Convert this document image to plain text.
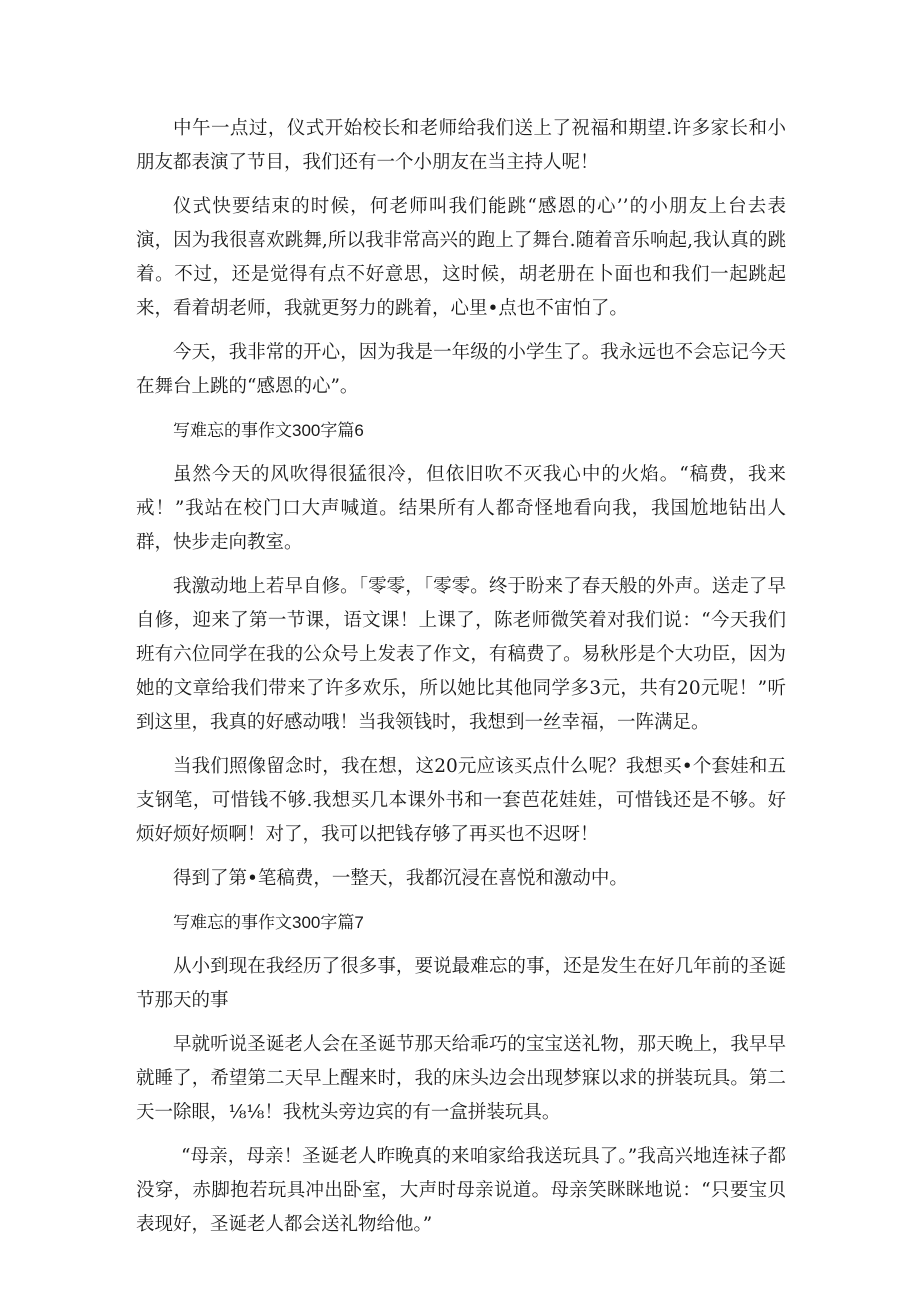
中午一点过，仪式开始校长和老师给我们送上了祝福和期望.许多家长和小朋友都表演了节目，我们还有一个小朋友在当主持人呢！

仪式快要结束的时候，何老师叫我们能跳“感恩的心’’的小朋友上台去表演，因为我很喜欢跳舞,所以我非常高兴的跑上了舞台.随着音乐响起,我认真的跳着。不过，还是觉得有点不好意思，这时候，胡老册在卜面也和我们一起跳起来，看着胡老师，我就更努力的跳着，心里•点也不宙怕了。

今天，我非常的开心，因为我是一年级的小学生了。我永远也不会忘记今天在舞台上跳的“感恩的心”。

写难忘的事作文300字篇6

虽然今天的风吹得很猛很冷，但依旧吹不灭我心中的火焰。“稿费，我来戒！”我站在校门口大声喊道。结果所有人都奇怪地看向我，我国尬地钻出人群，快步走向教室。

我激动地上若早自修。「零零，「零零。终于盼来了春天般的外声。送走了早自修，迎来了第一节课，语文课！上课了，陈老师微笑着对我们说：“今天我们班有六位同学在我的公众号上发表了作文，有稿费了。易秋彤是个大功臣，因为她的文章给我们带来了许多欢乐，所以她比其他同学多3元，共有20元呢！”听到这里，我真的好感动哦！当我领钱时，我想到一丝幸福，一阵满足。

当我们照像留念时，我在想，这20元应该买点什么呢？我想买•个套娃和五支钢笔，可惜钱不够.我想买几本课外书和一套芭花娃娃，可惜钱还是不够。好烦好烦好烦啊！对了，我可以把钱存够了再买也不迟呀！

得到了第•笔稿费，一整天，我都沉浸在喜悦和激动中。

写难忘的事作文300字篇7

从小到现在我经历了很多事，要说最难忘的事，还是发生在好几年前的圣诞节那天的事

早就听说圣诞老人会在圣诞节那天给乖巧的宝宝送礼物，那天晚上，我早早就睡了，希望第二天早上醒来时，我的床头边会出现梦寐以求的拼装玩具。第二天一除眼，⅛⅛！我枕头旁边宾的有一盒拼装玩具。

“母亲，母亲！圣诞老人昨晚真的来咱家给我送玩具了。”我高兴地连袜子都没穿，赤脚抱若玩具冲出卧室，大声时母亲说道。母亲笑眯眯地说：“只要宝贝表现好，圣诞老人都会送礼物给他。”
